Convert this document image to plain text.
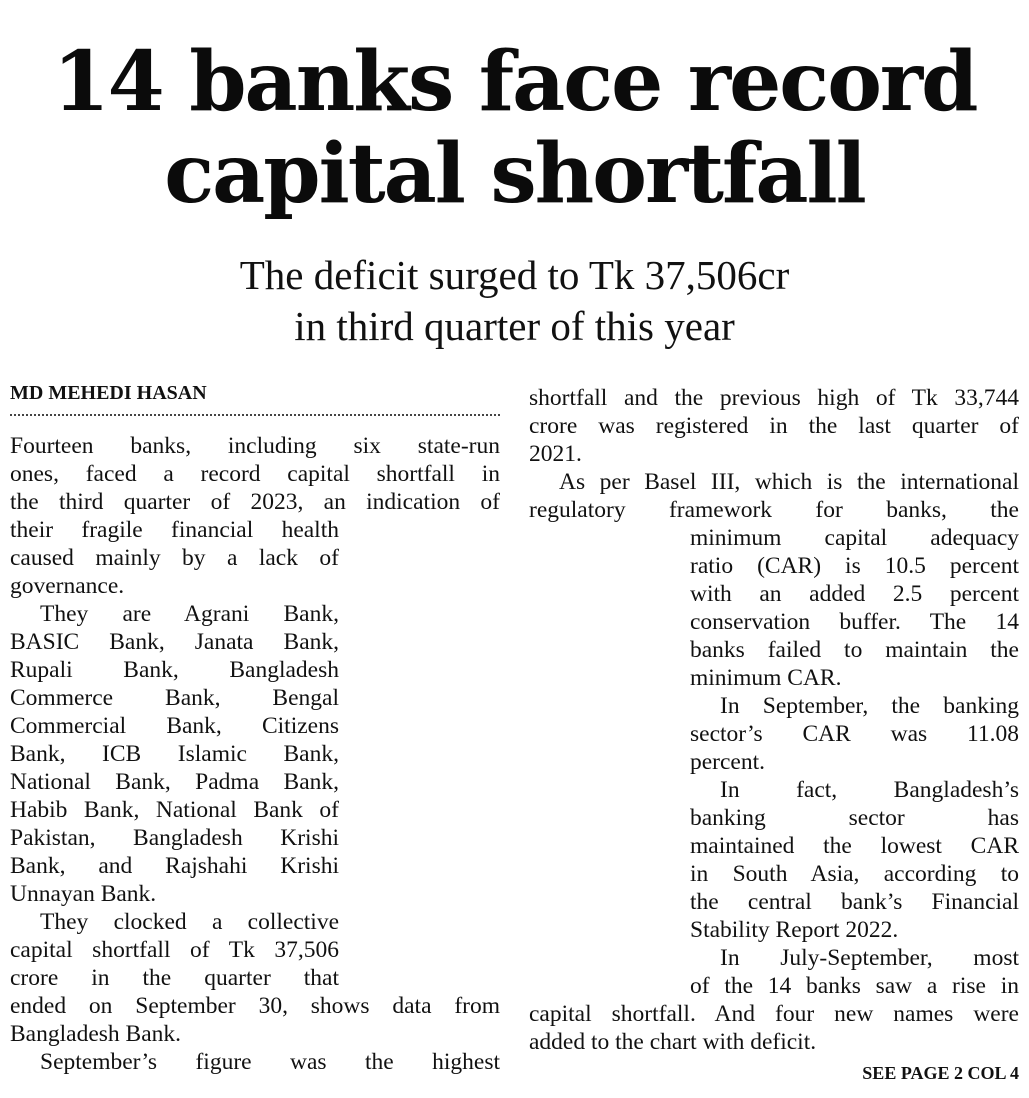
14 banks face record
capital shortfall
The deficit surged to Tk 37,506cr
in third quarter of this year
MD MEHEDI HASAN
Fourteen banks, including six state-run
ones, faced a record capital shortfall in
the third quarter of 2023, an indication of
their fragile financial health
caused mainly by a lack of
governance.
They are Agrani Bank,
BASIC Bank, Janata Bank,
Rupali Bank, Bangladesh
Commerce Bank, Bengal
Commercial Bank, Citizens
Bank, ICB Islamic Bank,
National Bank, Padma Bank,
Habib Bank, National Bank of
Pakistan, Bangladesh Krishi
Bank, and Rajshahi Krishi
Unnayan Bank.
They clocked a collective
capital shortfall of Tk 37,506
crore in the quarter that
ended on September 30, shows data from
Bangladesh Bank.
September’s figure was the highest
shortfall and the previous high of Tk 33,744
crore was registered in the last quarter of
2021.
As per Basel III, which is the international
regulatory framework for banks, the
minimum capital adequacy
ratio (CAR) is 10.5 percent
with an added 2.5 percent
conservation buffer. The 14
banks failed to maintain the
minimum CAR.
In September, the banking
sector’s CAR was 11.08
percent.
In fact, Bangladesh’s
banking sector has
maintained the lowest CAR
in South Asia, according to
the central bank’s Financial
Stability Report 2022.
In July-September, most
of the 14 banks saw a rise in
capital shortfall. And four new names were
added to the chart with deficit.
SEE PAGE 2 COL 4
